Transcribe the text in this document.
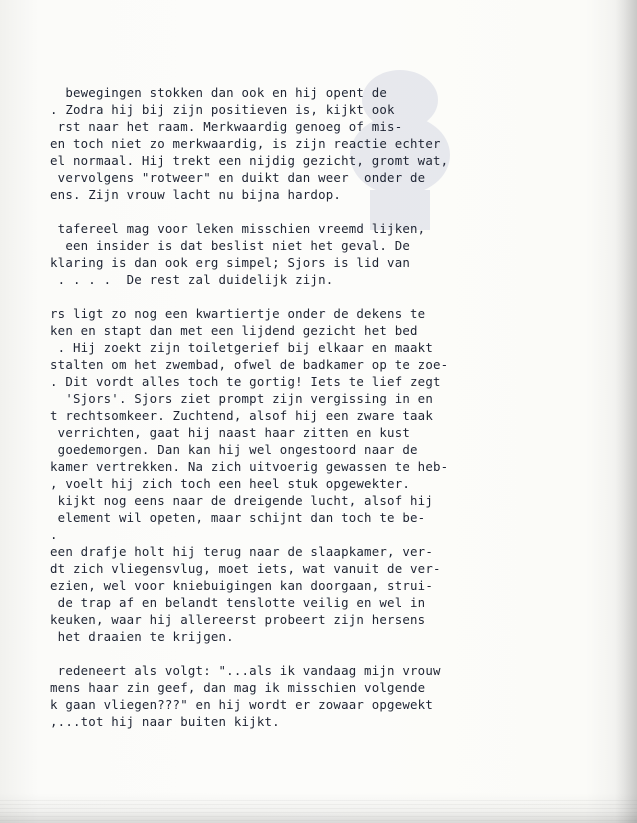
bewegingen stokken dan ook en hij opent de
. Zodra hij bij zijn positieven is, kijkt ook
rst naar het raam. Merkwaardig genoeg of mis-
en toch niet zo merkwaardig, is zijn reactie echter
el normaal. Hij trekt een nijdig gezicht, gromt wat,
vervolgens "rotweer" en duikt dan weer  onder de
ens. Zijn vrouw lacht nu bijna hardop.
tafereel mag voor leken misschien vreemd lijken,
een insider is dat beslist niet het geval. De
klaring is dan ook erg simpel; Sjors is lid van
. . . .  De rest zal duidelijk zijn.
rs ligt zo nog een kwartiertje onder de dekens te
ken en stapt dan met een lijdend gezicht het bed
. Hij zoekt zijn toiletgerief bij elkaar en maakt
stalten om het zwembad, ofwel de badkamer op te zoe-
. Dit vordt alles toch te gortig! Iets te lief zegt
'Sjors'. Sjors ziet prompt zijn vergissing in en
t rechtsomkeer. Zuchtend, alsof hij een zware taak
verrichten, gaat hij naast haar zitten en kust
goedemorgen. Dan kan hij wel ongestoord naar de
kamer vertrekken. Na zich uitvoerig gewassen te heb-
, voelt hij zich toch een heel stuk opgewekter.
kijkt nog eens naar de dreigende lucht, alsof hij
element wil opeten, maar schijnt dan toch te be-
.
een drafje holt hij terug naar de slaapkamer, ver-
dt zich vliegensvlug, moet iets, wat vanuit de ver-
ezien, wel voor kniebuigingen kan doorgaan, strui-
de trap af en belandt tenslotte veilig en wel in
keuken, waar hij allereerst probeert zijn hersens
het draaien te krijgen.
redeneert als volgt: "...als ik vandaag mijn vrouw
mens haar zin geef, dan mag ik misschien volgende
k gaan vliegen???" en hij wordt er zowaar opgewekt
,...tot hij naar buiten kijkt.
